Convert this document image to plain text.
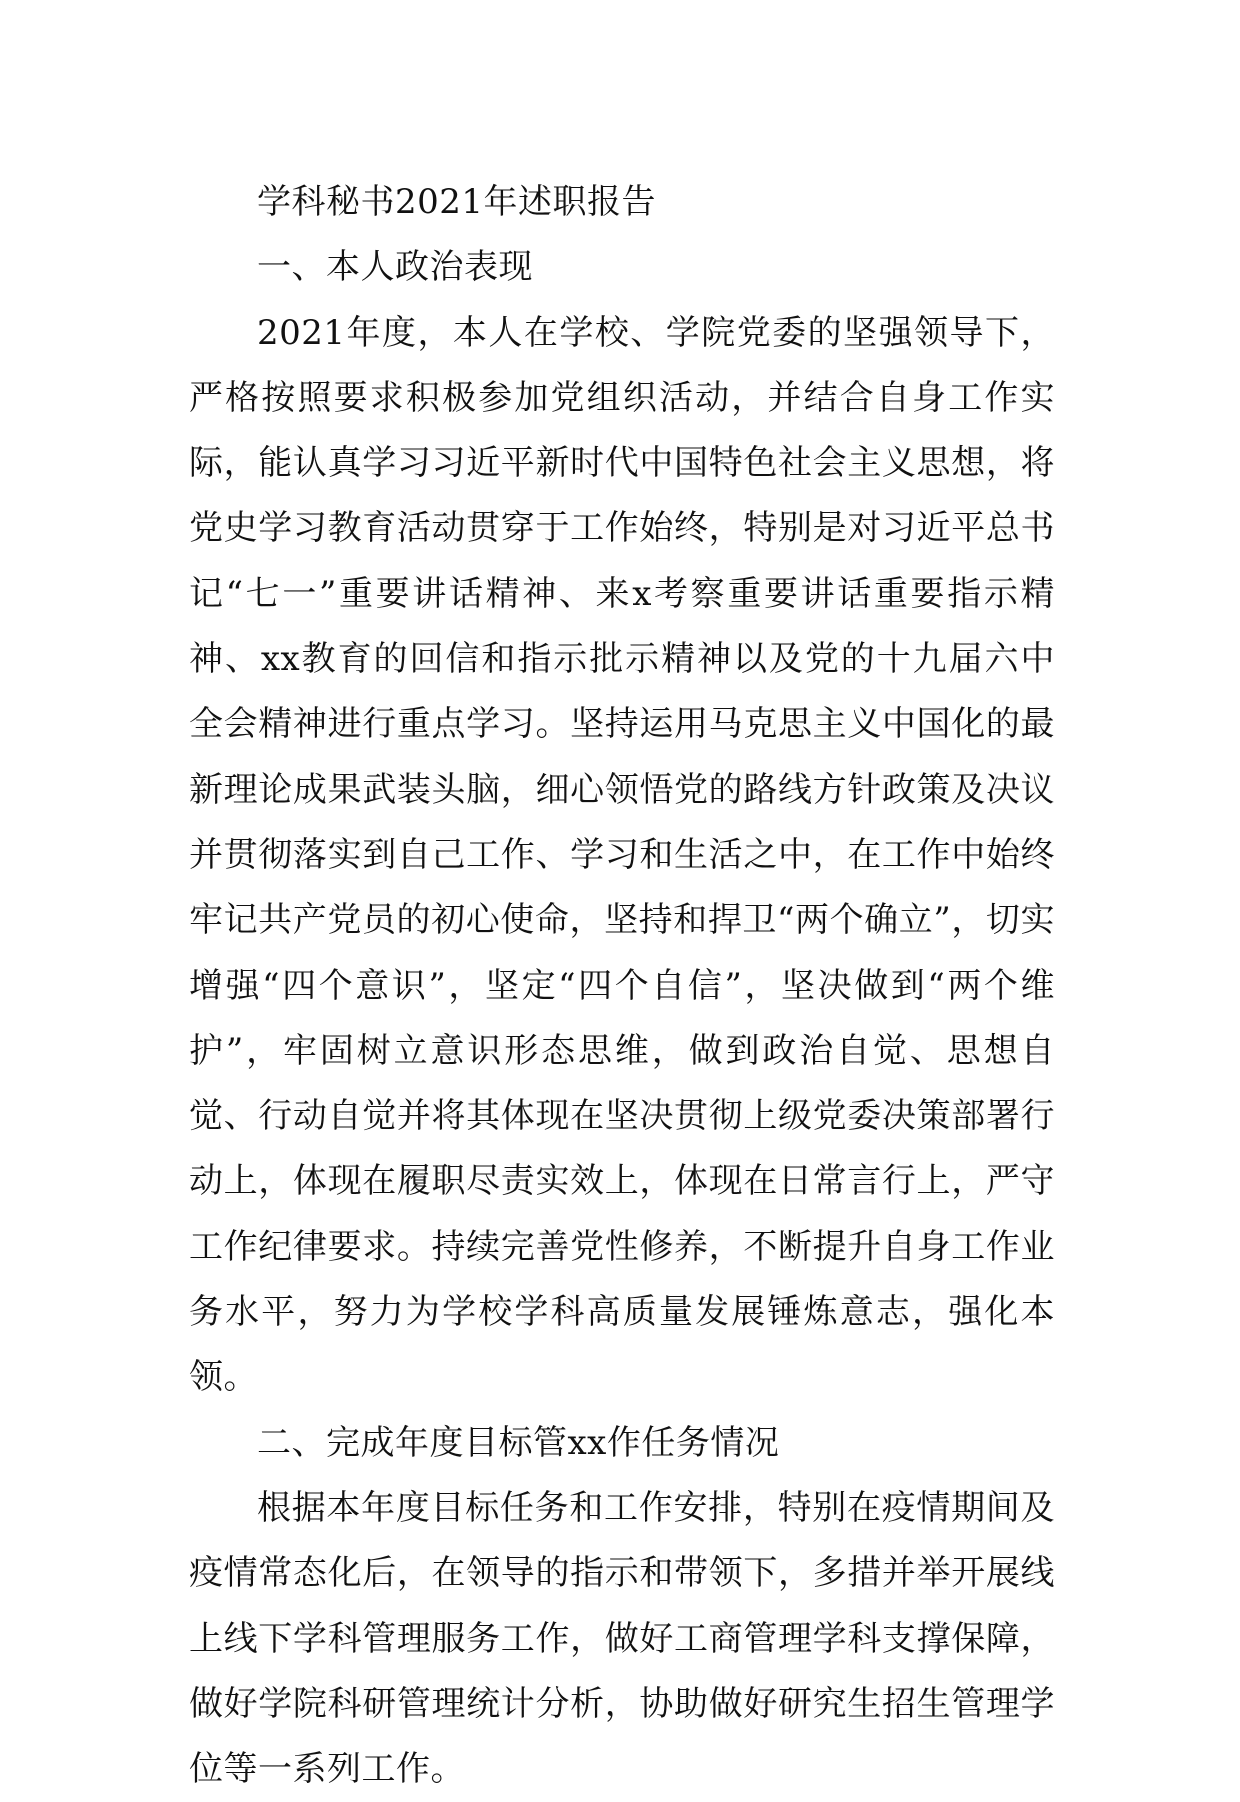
学科秘书2021年述职报告

一、本人政治表现

2021年度，本人在学校、学院党委的坚强领导下，严格按照要求积极参加党组织活动，并结合自身工作实际，能认真学习习近平新时代中国特色社会主义思想，将党史学习教育活动贯穿于工作始终，特别是对习近平总书记“七一”重要讲话精神、来x考察重要讲话重要指示精神、xx教育的回信和指示批示精神以及党的十九届六中全会精神进行重点学习。坚持运用马克思主义中国化的最新理论成果武装头脑，细心领悟党的路线方针政策及决议并贯彻落实到自己工作、学习和生活之中，在工作中始终牢记共产党员的初心使命，坚持和捍卫“两个确立”，切实增强“四个意识”，坚定“四个自信”，坚决做到“两个维护”，牢固树立意识形态思维，做到政治自觉、思想自觉、行动自觉并将其体现在坚决贯彻上级党委决策部署行动上，体现在履职尽责实效上，体现在日常言行上，严守工作纪律要求。持续完善党性修养，不断提升自身工作业务水平，努力为学校学科高质量发展锤炼意志，强化本领。

二、完成年度目标管xx作任务情况

根据本年度目标任务和工作安排，特别在疫情期间及疫情常态化后，在领导的指示和带领下，多措并举开展线上线下学科管理服务工作，做好工商管理学科支撑保障，做好学院科研管理统计分析，协助做好研究生招生管理学位等一系列工作。
